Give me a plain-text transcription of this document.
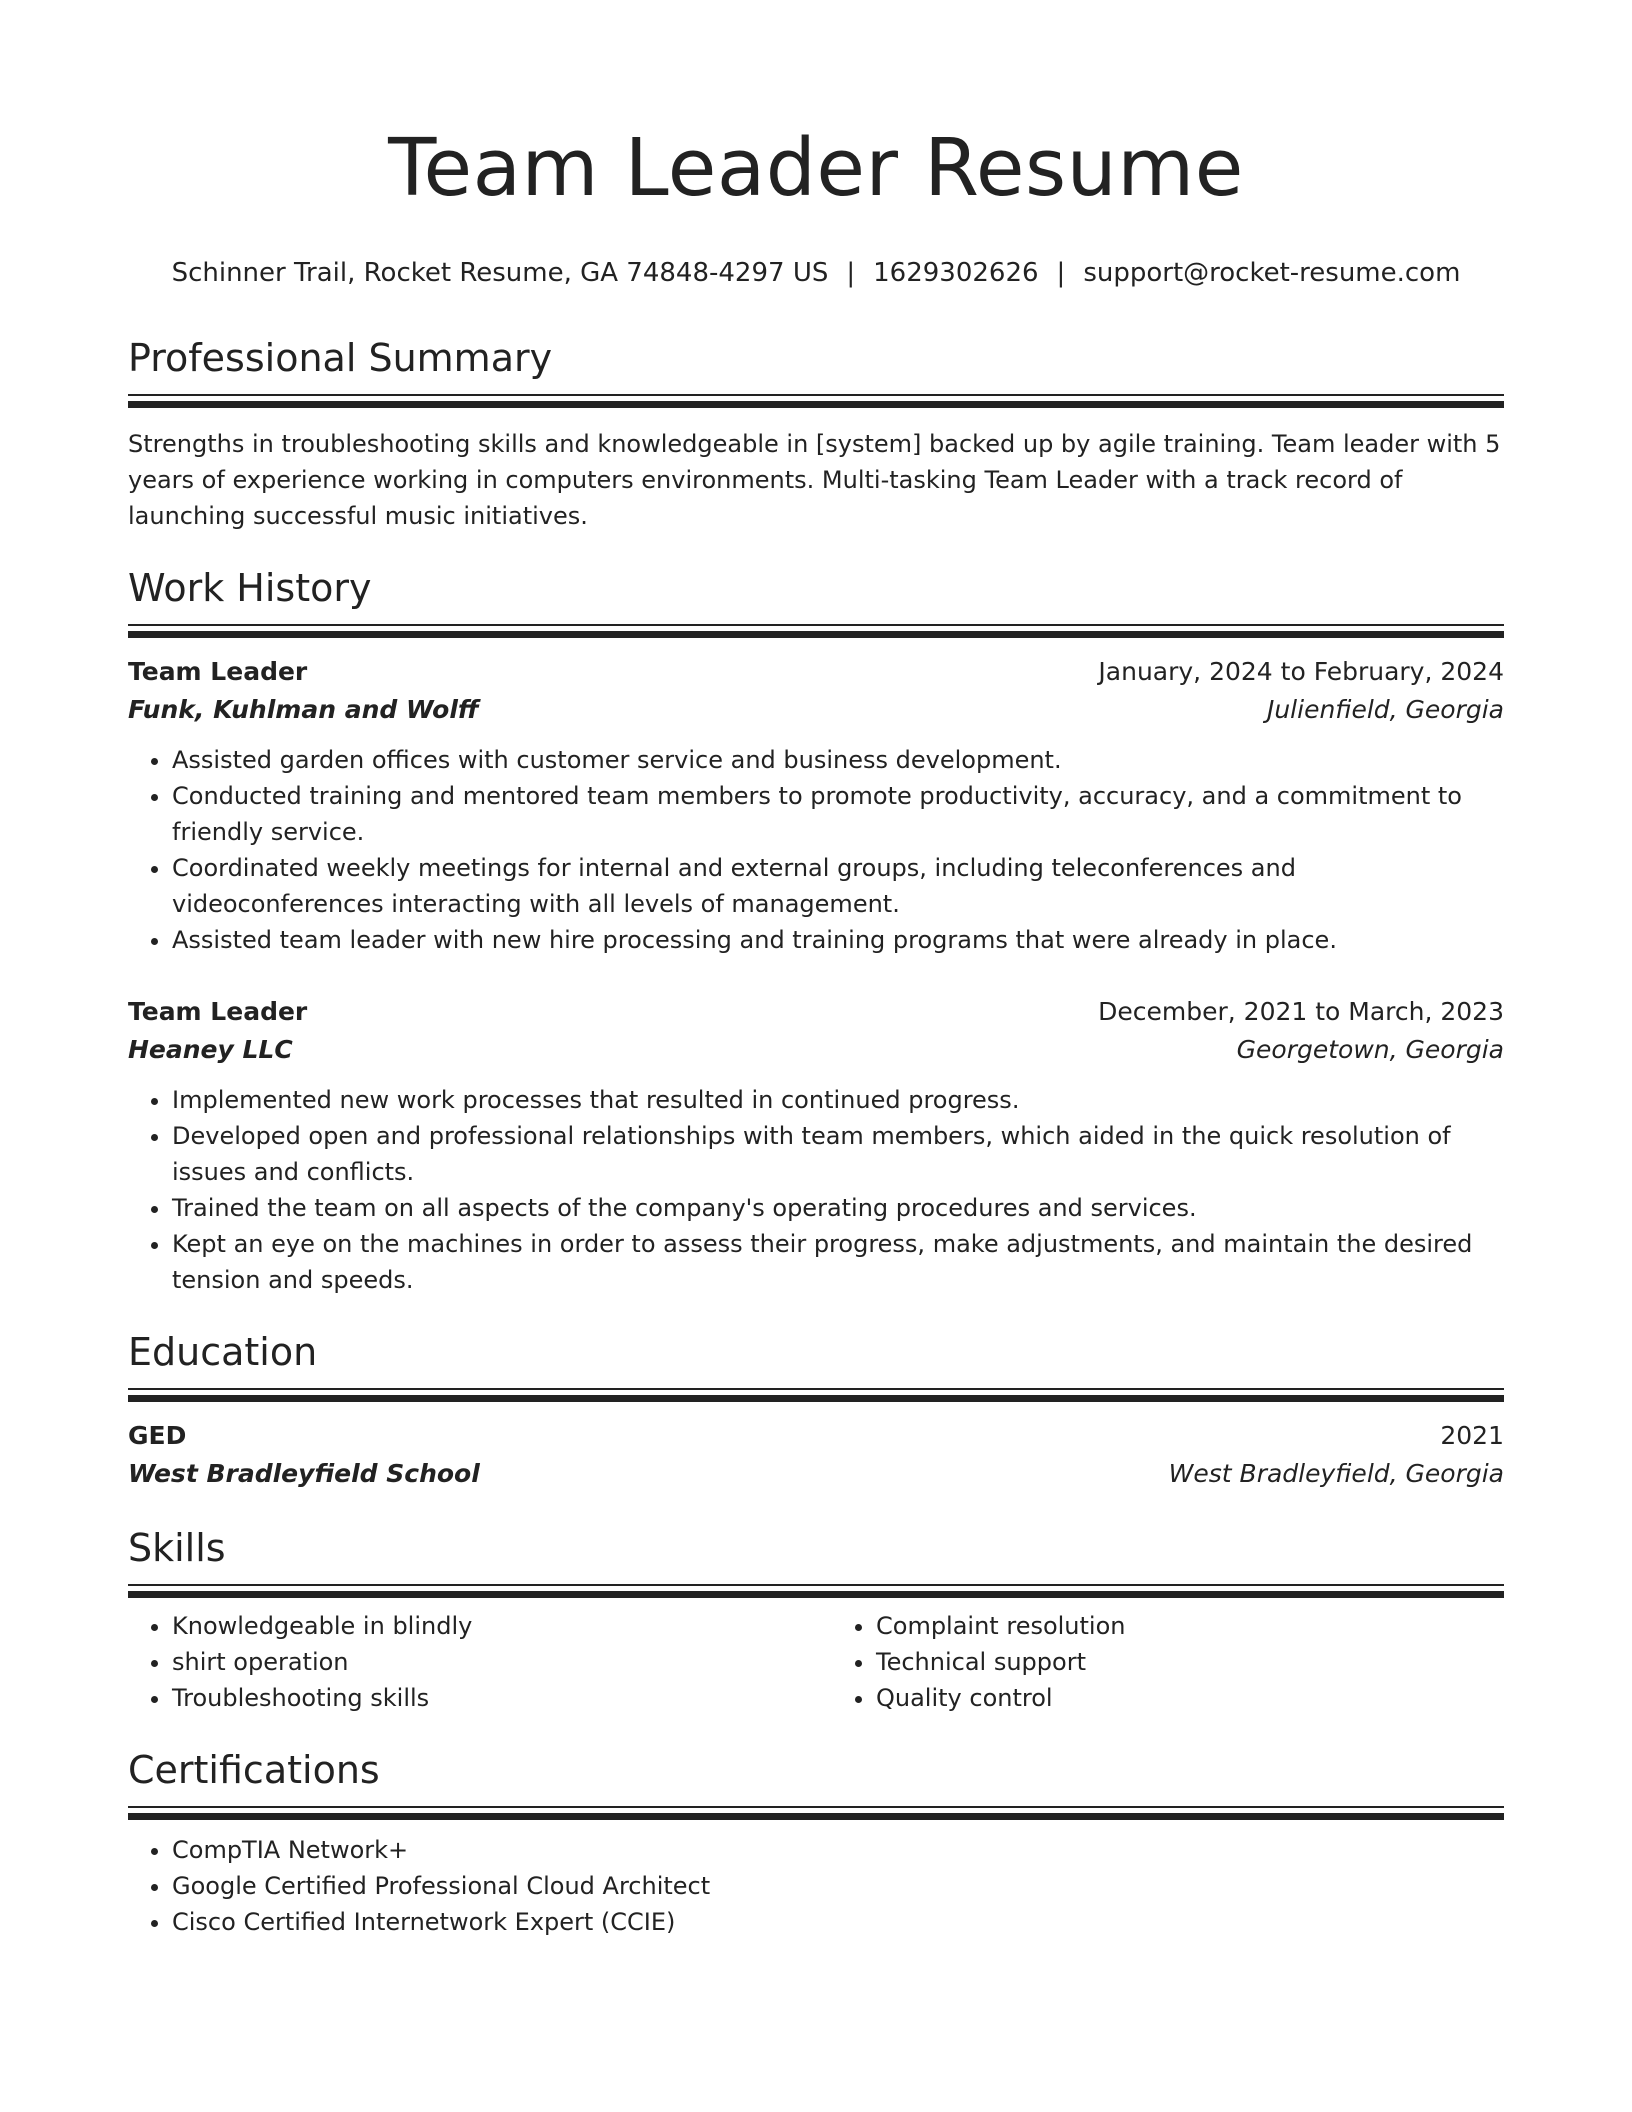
Team Leader Resume
Schinner Trail, Rocket Resume, GA 74848-4297 US | 1629302626 | support@rocket-resume.com
Professional Summary
Strengths in troubleshooting skills and knowledgeable in [system] backed up by agile training. Team leader with 5 years of experience working in computers environments. Multi-tasking Team Leader with a track record of launching successful music initiatives.
Work History
Team Leader	January, 2024 to February, 2024
Funk, Kuhlman and Wolff	Julienfield, Georgia
• Assisted garden offices with customer service and business development.
• Conducted training and mentored team members to promote productivity, accuracy, and a commitment to friendly service.
• Coordinated weekly meetings for internal and external groups, including teleconferences and videoconferences interacting with all levels of management.
• Assisted team leader with new hire processing and training programs that were already in place.
Team Leader	December, 2021 to March, 2023
Heaney LLC	Georgetown, Georgia
• Implemented new work processes that resulted in continued progress.
• Developed open and professional relationships with team members, which aided in the quick resolution of issues and conflicts.
• Trained the team on all aspects of the company's operating procedures and services.
• Kept an eye on the machines in order to assess their progress, make adjustments, and maintain the desired tension and speeds.
Education
GED	2021
West Bradleyfield School	West Bradleyfield, Georgia
Skills
• Knowledgeable in blindly
• shirt operation
• Troubleshooting skills
• Complaint resolution
• Technical support
• Quality control
Certifications
• CompTIA Network+
• Google Certified Professional Cloud Architect
• Cisco Certified Internetwork Expert (CCIE)
